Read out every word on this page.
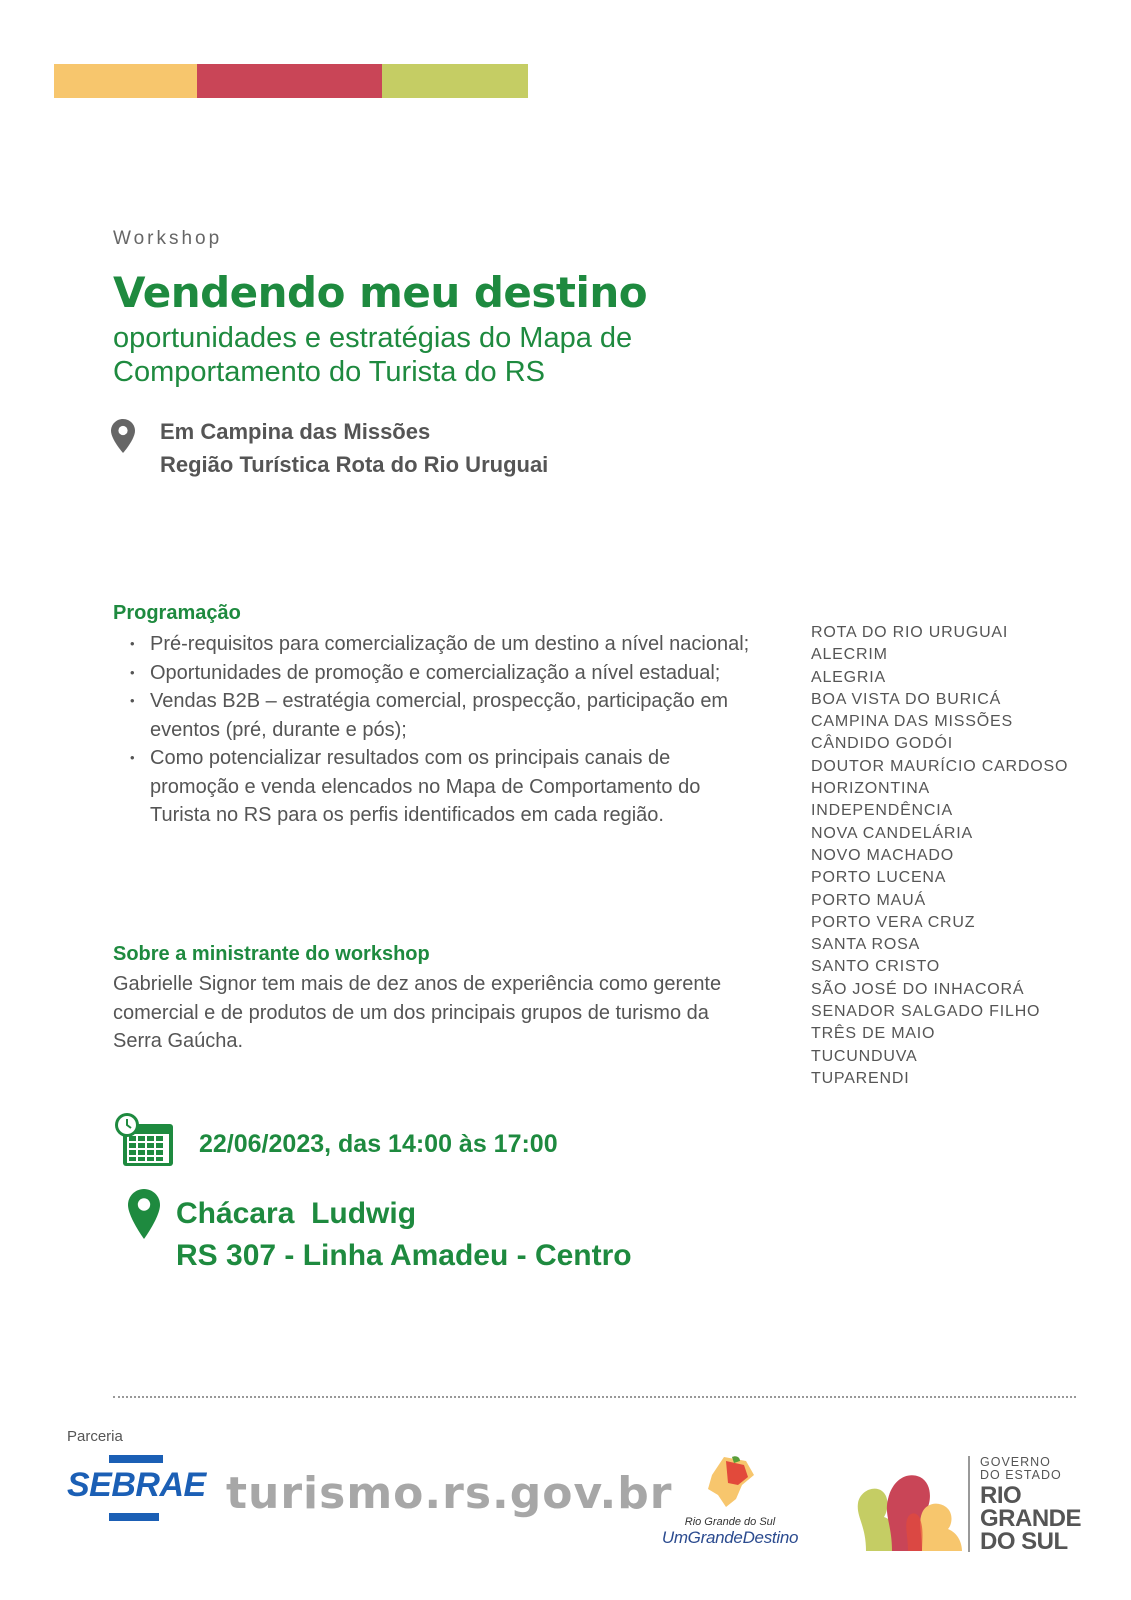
Workshop
Vendendo meu destino
oportunidades e estratégias do Mapa de Comportamento do Turista do RS
Em Campina das Missões
Região Turística Rota do Rio Uruguai
Programação
• Pré-requisitos para comercialização de um destino a nível nacional;
• Oportunidades de promoção e comercialização a nível estadual;
• Vendas B2B – estratégia comercial, prospecção, participação em eventos (pré, durante e pós);
• Como potencializar resultados com os principais canais de promoção e venda elencados no Mapa de Comportamento do Turista no RS para os perfis identificados em cada região.
Sobre a ministrante do workshop
Gabrielle Signor tem mais de dez anos de experiência como gerente comercial e de produtos de um dos principais grupos de turismo da Serra Gaúcha.
ROTA DO RIO URUGUAI
ALECRIM
ALEGRIA
BOA VISTA DO BURICÁ
CAMPINA DAS MISSÕES
CÂNDIDO GODÓI
DOUTOR MAURÍCIO CARDOSO
HORIZONTINA
INDEPENDÊNCIA
NOVA CANDELÁRIA
NOVO MACHADO
PORTO LUCENA
PORTO MAUÁ
PORTO VERA CRUZ
SANTA ROSA
SANTO CRISTO
SÃO JOSÉ DO INHACORÁ
SENADOR SALGADO FILHO
TRÊS DE MAIO
TUCUNDUVA
TUPARENDI
22/06/2023, das 14:00 às 17:00
Chácara  Ludwig
RS 307 - Linha Amadeu - Centro
Parceria
SEBRAE turismo.rs.gov.br
Rio Grande do Sul
UmGrandeDestino
GOVERNO
DO ESTADO
RIO
GRANDE
DO SUL
